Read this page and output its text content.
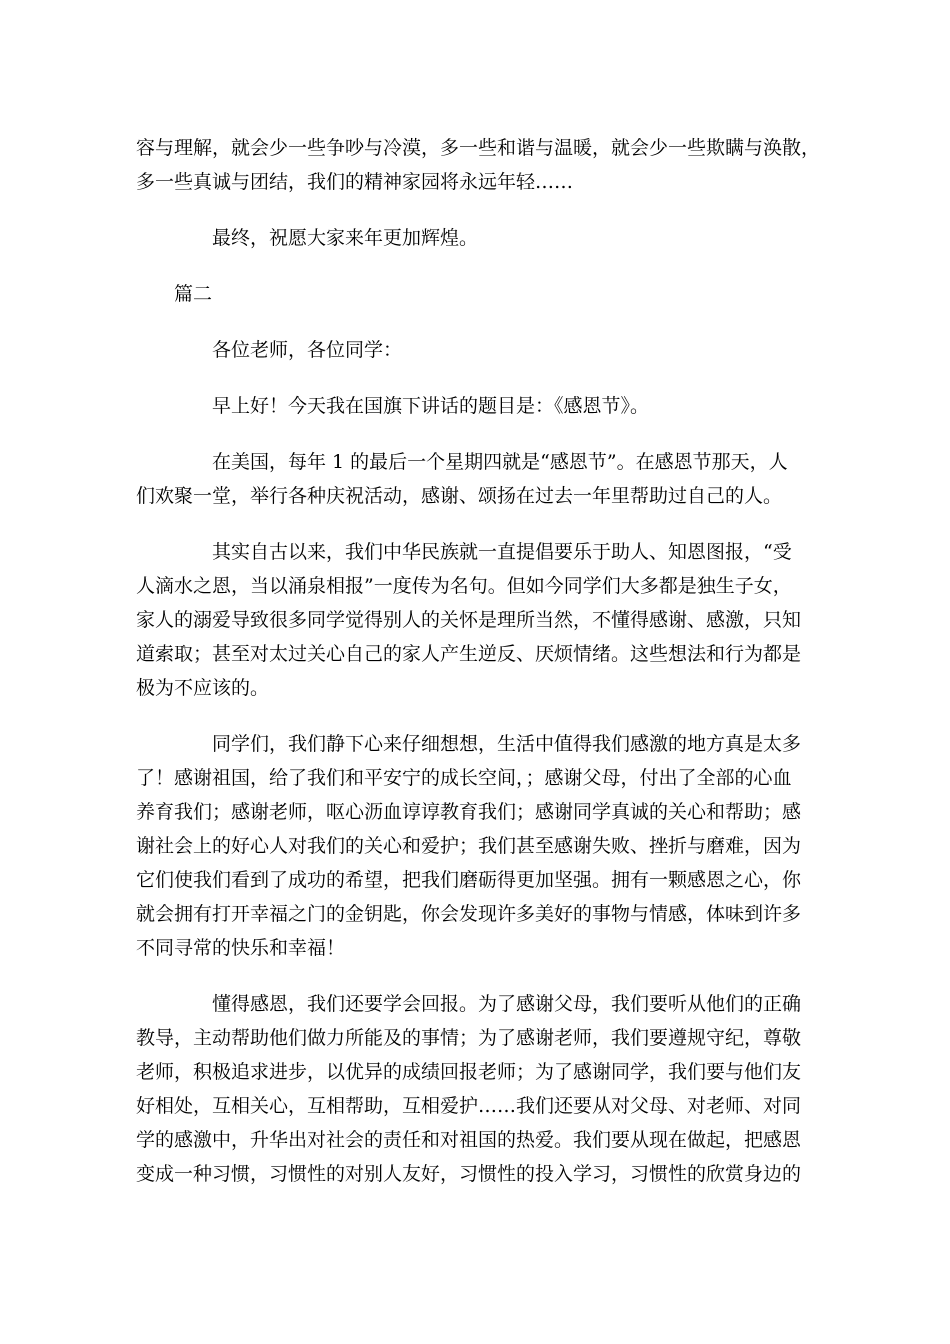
容与理解，就会少一些争吵与冷漠，多一些和谐与温暖，就会少一些欺瞒与涣散，
多一些真诚与团结，我们的精神家园将永远年轻……
最终，祝愿大家来年更加辉煌。
篇二
各位老师，各位同学：
早上好！今天我在国旗下讲话的题目是：《感恩节》。
在美国，每年 1 的最后一个星期四就是“感恩节”。在感恩节那天，人
们欢聚一堂，举行各种庆祝活动，感谢、颂扬在过去一年里帮助过自己的人。
其实自古以来，我们中华民族就一直提倡要乐于助人、知恩图报，“受
人滴水之恩，当以涌泉相报”一度传为名句。但如今同学们大多都是独生子女，
家人的溺爱导致很多同学觉得别人的关怀是理所当然，不懂得感谢、感激，只知
道索取；甚至对太过关心自己的家人产生逆反、厌烦情绪。这些想法和行为都是
极为不应该的。
同学们，我们静下心来仔细想想，生活中值得我们感激的地方真是太多
了！感谢祖国，给了我们和平安宁的成长空间，；感谢父母，付出了全部的心血
养育我们；感谢老师，呕心沥血谆谆教育我们；感谢同学真诚的关心和帮助；感
谢社会上的好心人对我们的关心和爱护；我们甚至感谢失败、挫折与磨难，因为
它们使我们看到了成功的希望，把我们磨砺得更加坚强。拥有一颗感恩之心，你
就会拥有打开幸福之门的金钥匙，你会发现许多美好的事物与情感，体味到许多
不同寻常的快乐和幸福！
懂得感恩，我们还要学会回报。为了感谢父母，我们要听从他们的正确
教导，主动帮助他们做力所能及的事情；为了感谢老师，我们要遵规守纪，尊敬
老师，积极追求进步，以优异的成绩回报老师；为了感谢同学，我们要与他们友
好相处，互相关心，互相帮助，互相爱护……我们还要从对父母、对老师、对同
学的感激中，升华出对社会的责任和对祖国的热爱。我们要从现在做起，把感恩
变成一种习惯，习惯性的对别人友好，习惯性的投入学习，习惯性的欣赏身边的
